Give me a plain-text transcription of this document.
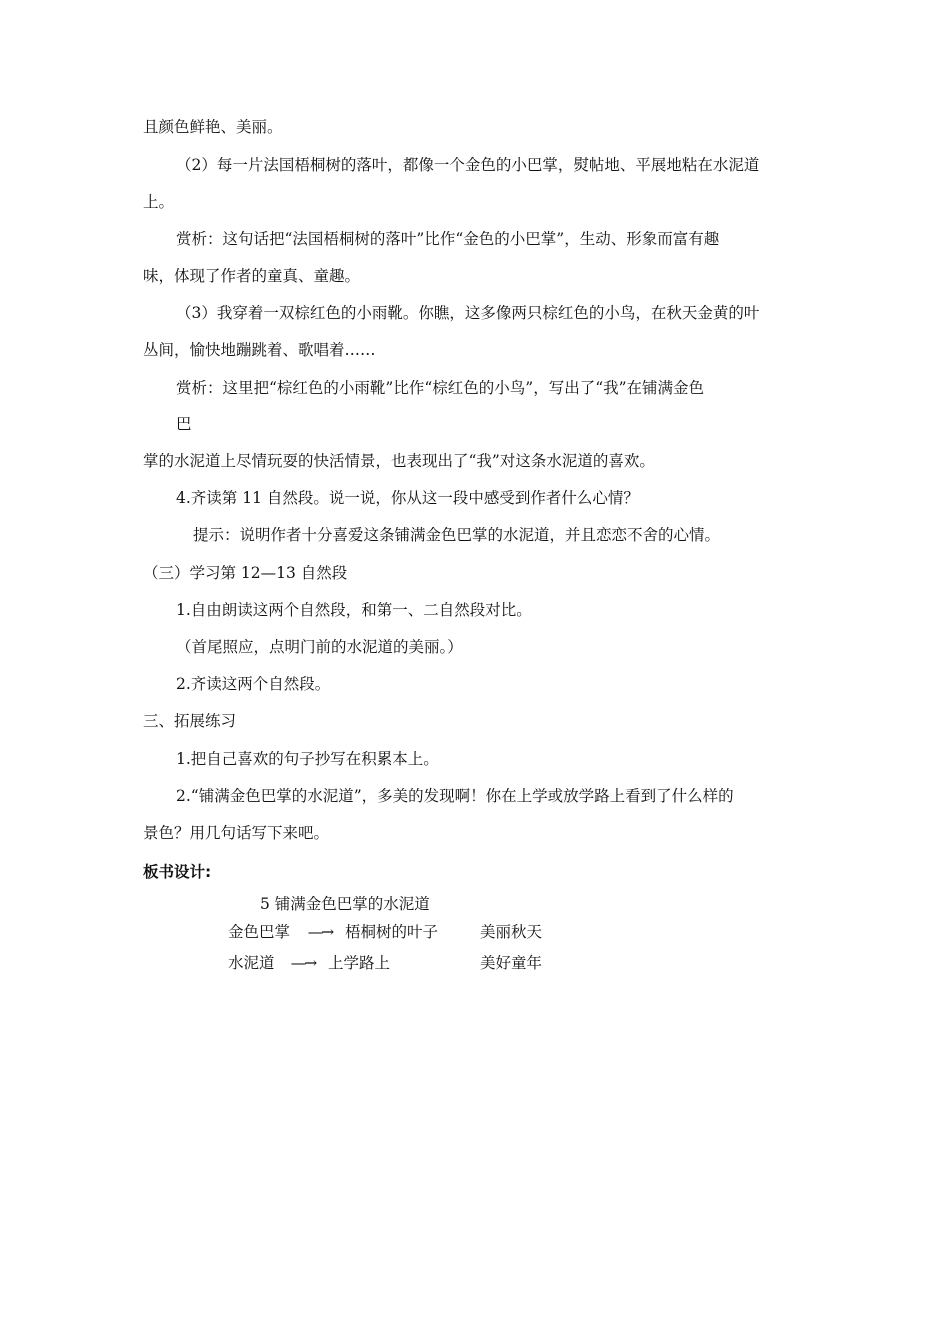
且颜色鲜艳、美丽。
（2）每一片法国梧桐树的落叶，都像一个金色的小巴掌，熨帖地、平展地粘在水泥道
上。
赏析：这句话把“法国梧桐树的落叶”比作“金色的小巴掌”，生动、形象而富有趣
味，体现了作者的童真、童趣。
（3）我穿着一双棕红色的小雨靴。你瞧，这多像两只棕红色的小鸟，在秋天金黄的叶
丛间，愉快地蹦跳着、歌唱着……
赏析：这里把“棕红色的小雨靴”比作“棕红色的小鸟”，写出了“我”在铺满金色
巴
掌的水泥道上尽情玩耍的快活情景，也表现出了“我”对这条水泥道的喜欢。
4.齐读第 11 自然段。说一说，你从这一段中感受到作者什么心情？
提示：说明作者十分喜爱这条铺满金色巴掌的水泥道，并且恋恋不舍的心情。
（三）学习第 12—13 自然段
1.自由朗读这两个自然段，和第一、二自然段对比。
（首尾照应，点明门前的水泥道的美丽。）
2.齐读这两个自然段。
三、拓展练习
1.把自己喜欢的句子抄写在积累本上。
2.“铺满金色巴掌的水泥道”，多美的发现啊！你在上学或放学路上看到了什么样的
景色？用几句话写下来吧。
板书设计:
5 铺满金色巴掌的水泥道
金色巴掌	—→ 梧桐树的叶子	美丽秋天
水泥道	—→ 上学路上	美好童年
